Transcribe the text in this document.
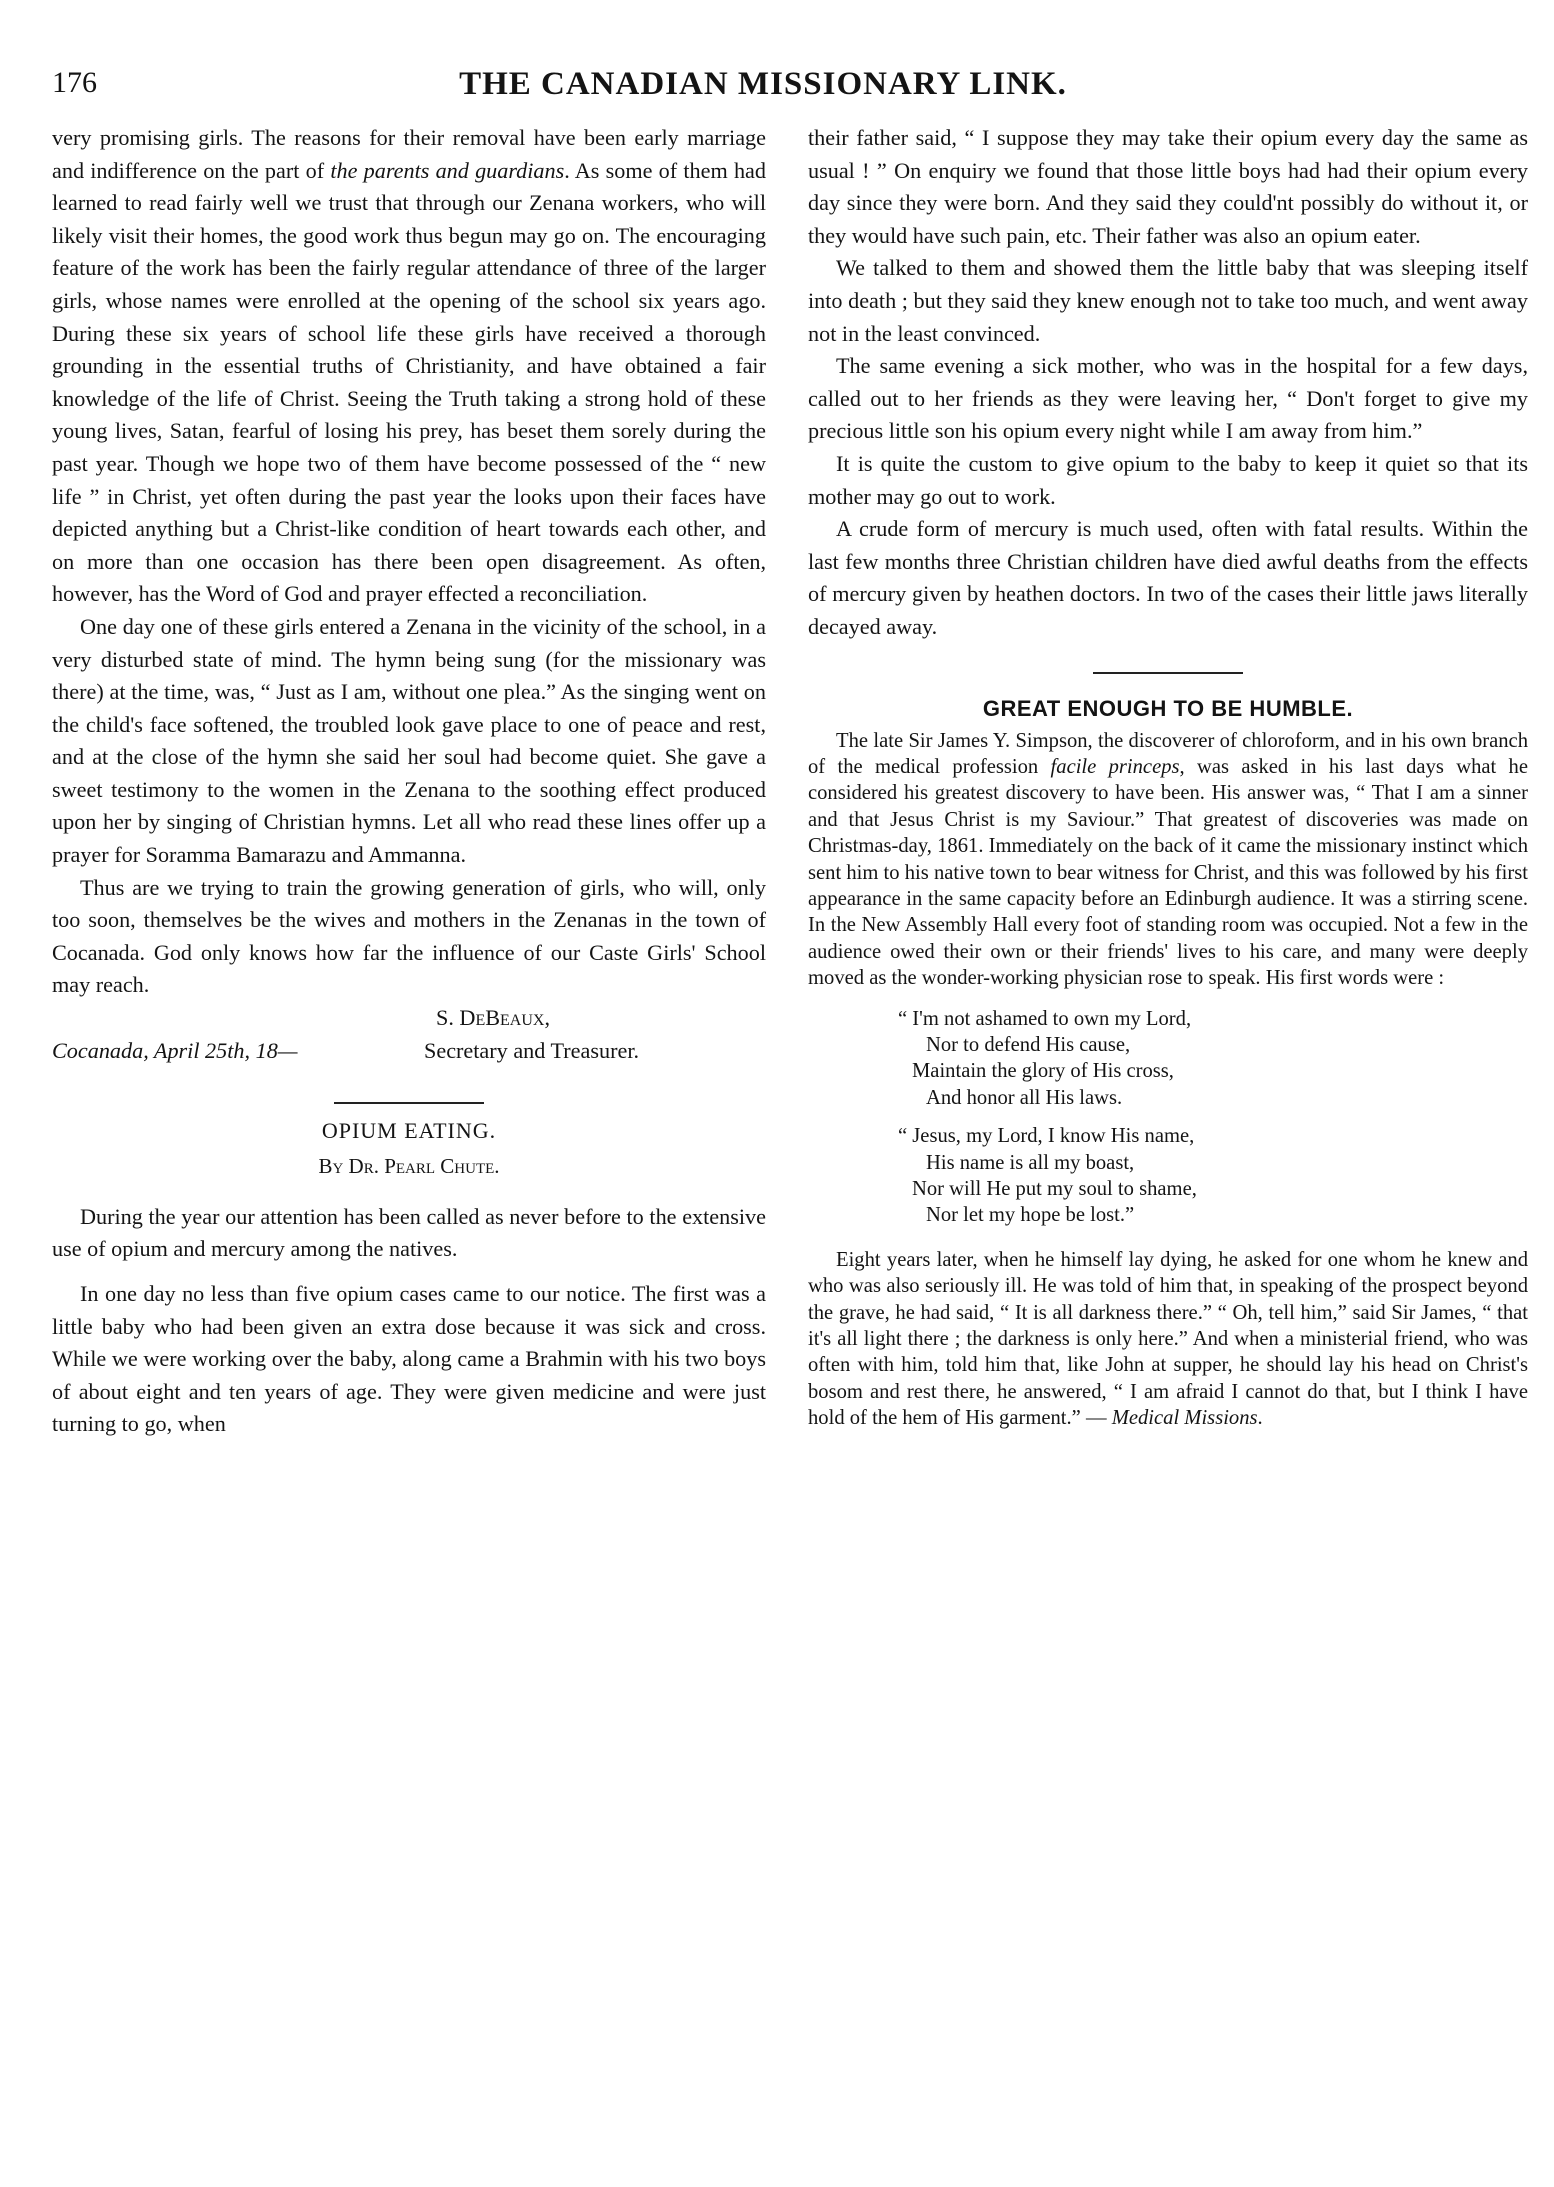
176	THE CANADIAN MISSIONARY LINK.

very promising girls. The reasons for their removal have been early marriage and indifference on the part of the parents and guardians. As some of them had learned to read fairly well we trust that through our Zenana workers, who will likely visit their homes, the good work thus begun may go on. The encouraging feature of the work has been the fairly regular attendance of three of the larger girls, whose names were enrolled at the opening of the school six years ago. During these six years of school life these girls have received a thorough grounding in the essential truths of Christianity, and have obtained a fair knowledge of the life of Christ. Seeing the Truth taking a strong hold of these young lives, Satan, fearful of losing his prey, has beset them sorely during the past year. Though we hope two of them have become possessed of the “ new life ” in Christ, yet often during the past year the looks upon their faces have depicted anything but a Christ-like condition of heart towards each other, and on more than one occasion has there been open disagreement. As often, however, has the Word of God and prayer effected a reconciliation.

One day one of these girls entered a Zenana in the vicinity of the school, in a very disturbed state of mind. The hymn being sung (for the missionary was there) at the time, was, “ Just as I am, without one plea.” As the singing went on the child's face softened, the troubled look gave place to one of peace and rest, and at the close of the hymn she said her soul had become quiet. She gave a sweet testimony to the women in the Zenana to the soothing effect produced upon her by singing of Christian hymns. Let all who read these lines offer up a prayer for Soramma Bamarazu and Ammanna.

Thus are we trying to train the growing generation of girls, who will, only too soon, themselves be the wives and mothers in the Zenanas in the town of Cocanada. God only knows how far the influence of our Caste Girls' School may reach.

S. DeBeaux,
Secretary and Treasurer.
Cocanada, April 25th, 18—
OPIUM EATING.
By Dr. Pearl Chute.

During the year our attention has been called as never before to the extensive use of opium and mercury among the natives.

In one day no less than five opium cases came to our notice. The first was a little baby who had been given an extra dose because it was sick and cross. While we were working over the baby, along came a Brahmin with his two boys of about eight and ten years of age. They were given medicine and were just turning to go, when

their father said, “ I suppose they may take their opium every day the same as usual ! ” On enquiry we found that those little boys had had their opium every day since they were born. And they said they could'nt possibly do without it, or they would have such pain, etc. Their father was also an opium eater.

We talked to them and showed them the little baby that was sleeping itself into death ; but they said they knew enough not to take too much, and went away not in the least convinced.

The same evening a sick mother, who was in the hospital for a few days, called out to her friends as they were leaving her, “ Don't forget to give my precious little son his opium every night while I am away from him.”

It is quite the custom to give opium to the baby to keep it quiet so that its mother may go out to work.

A crude form of mercury is much used, often with fatal results. Within the last few months three Christian children have died awful deaths from the effects of mercury given by heathen doctors. In two of the cases their little jaws literally decayed away.

GREAT ENOUGH TO BE HUMBLE.

The late Sir James Y. Simpson, the discoverer of chloroform, and in his own branch of the medical profession facile princeps, was asked in his last days what he considered his greatest discovery to have been. His answer was, “ That I am a sinner and that Jesus Christ is my Saviour.” That greatest of discoveries was made on Christmas-day, 1861. Immediately on the back of it came the missionary instinct which sent him to his native town to bear witness for Christ, and this was followed by his first appearance in the same capacity before an Edinburgh audience. It was a stirring scene. In the New Assembly Hall every foot of standing room was occupied. Not a few in the audience owed their own or their friends' lives to his care, and many were deeply moved as the wonder-working physician rose to speak. His first words were :

“ I'm not ashamed to own my Lord,
Nor to defend His cause,
Maintain the glory of His cross,
And honor all His laws.
“ Jesus, my Lord, I know His name,
His name is all my boast,
Nor will He put my soul to shame,
Nor let my hope be lost.”

Eight years later, when he himself lay dying, he asked for one whom he knew and who was also seriously ill. He was told of him that, in speaking of the prospect beyond the grave, he had said, “ It is all darkness there.” “ Oh, tell him,” said Sir James, “ that it's all light there ; the darkness is only here.” And when a ministerial friend, who was often with him, told him that, like John at supper, he should lay his head on Christ's bosom and rest there, he answered, “ I am afraid I cannot do that, but I think I have hold of the hem of His garment.” — Medical Missions.
